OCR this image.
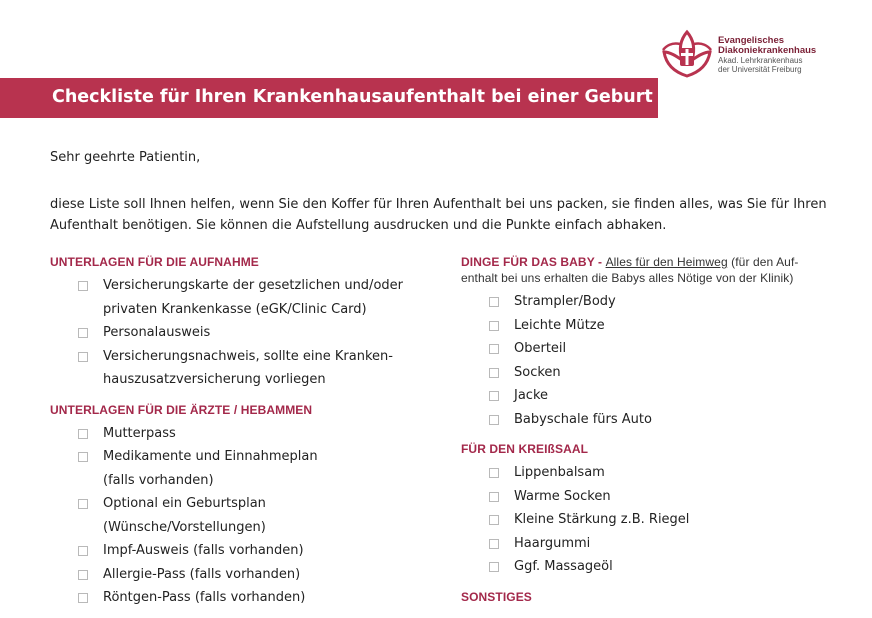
Evangelisches
Diakoniekrankenhaus
Akad. Lehrkrankenhaus
der Universität Freiburg
Checkliste für Ihren Krankenhausaufenthalt bei einer Geburt
Sehr geehrte Patientin,
diese Liste soll Ihnen helfen, wenn Sie den Koffer für Ihren Aufenthalt bei uns packen, sie finden alles, was Sie für Ihren
Aufenthalt benötigen. Sie können die Aufstellung ausdrucken und die Punkte einfach abhaken.
UNTERLAGEN FÜR DIE AUFNAHME
Versicherungskarte der gesetzlichen und/oder
privaten Krankenkasse (eGK/Clinic Card)
Personalausweis
Versicherungsnachweis, sollte eine Kranken-
hauszusatzversicherung vorliegen
UNTERLAGEN FÜR DIE ÄRZTE / HEBAMMEN
Mutterpass
Medikamente und Einnahmeplan
(falls vorhanden)
Optional ein Geburtsplan
(Wünsche/Vorstellungen)
Impf-Ausweis (falls vorhanden)
Allergie-Pass (falls vorhanden)
Röntgen-Pass (falls vorhanden)
DINGE FÜR DAS BABY - Alles für den Heimweg (für den Auf-
enthalt bei uns erhalten die Babys alles Nötige von der Klinik)
Strampler/Body
Leichte Mütze
Oberteil
Socken
Jacke
Babyschale fürs Auto
FÜR DEN KREIßSAAL
Lippenbalsam
Warme Socken
Kleine Stärkung z.B. Riegel
Haargummi
Ggf. Massageöl
SONSTIGES
